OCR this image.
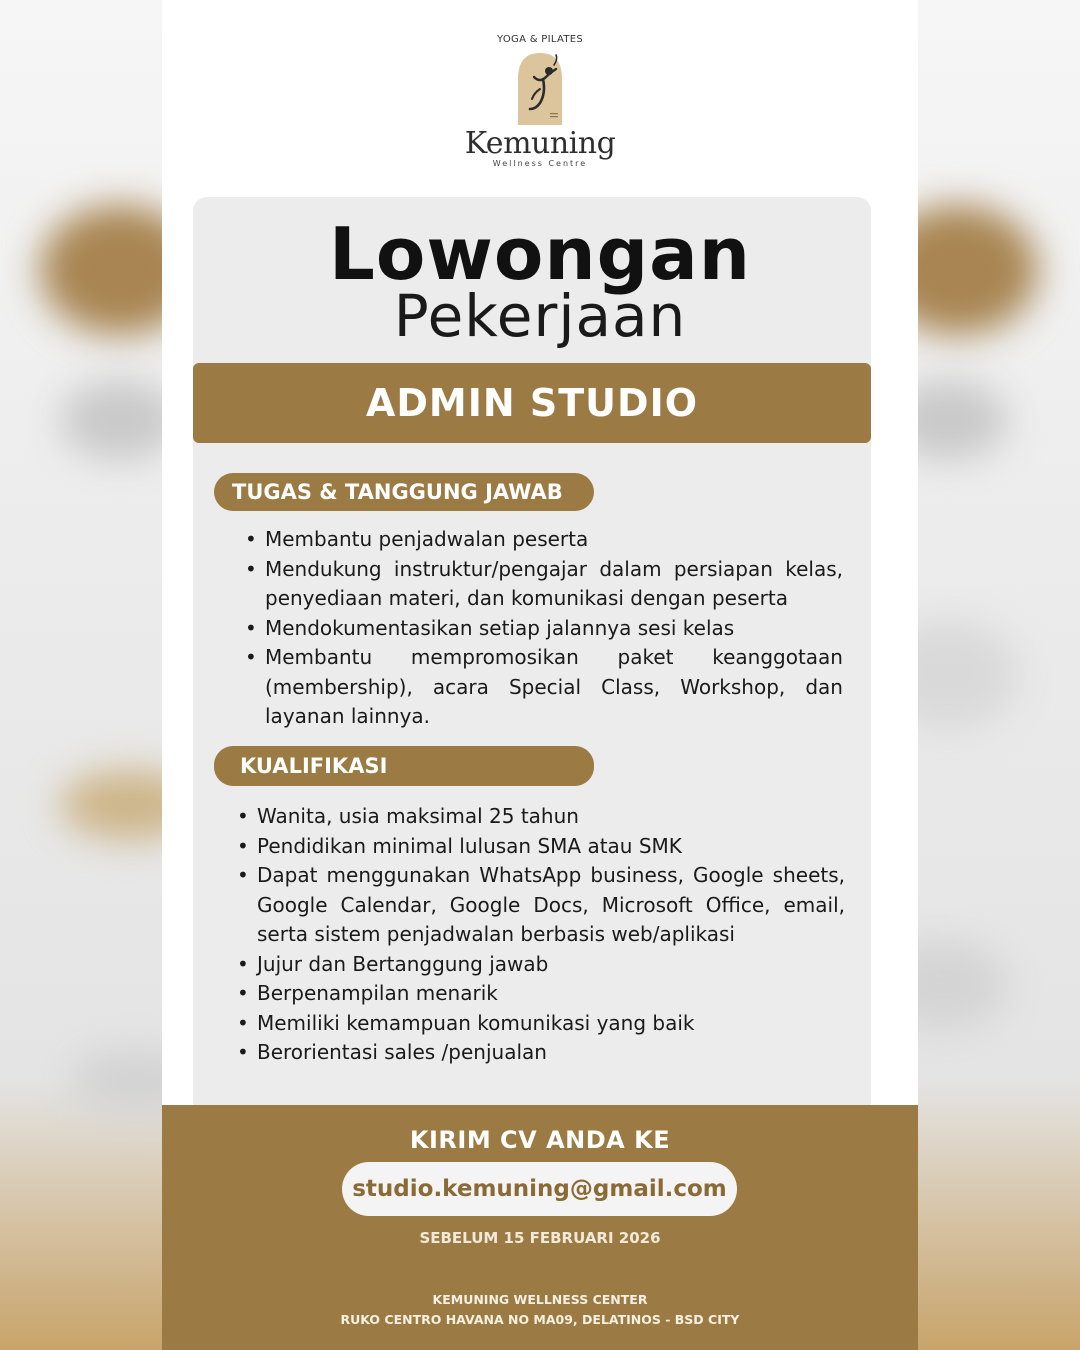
YOGA & PILATES
Kemuning
Wellness Centre
Lowongan
Pekerjaan
ADMIN STUDIO
TUGAS & TANGGUNG JAWAB
• Membantu penjadwalan peserta
• Mendukung instruktur/pengajar dalam persiapan kelas, penyediaan materi, dan komunikasi dengan peserta
• Mendokumentasikan setiap jalannya sesi kelas
• Membantu mempromosikan paket keanggotaan (membership), acara Special Class, Workshop, dan layanan lainnya.
KUALIFIKASI
• Wanita, usia maksimal 25 tahun
• Pendidikan minimal lulusan SMA atau SMK
• Dapat menggunakan WhatsApp business, Google sheets, Google Calendar, Google Docs, Microsoft Office, email, serta sistem penjadwalan berbasis web/aplikasi
• Jujur dan Bertanggung jawab
• Berpenampilan menarik
• Memiliki kemampuan komunikasi yang baik
• Berorientasi sales /penjualan
KIRIM CV ANDA KE
studio.kemuning@gmail.com
SEBELUM 15 FEBRUARI 2026
KEMUNING WELLNESS CENTER
RUKO CENTRO HAVANA NO MA09, DELATINOS - BSD CITY
